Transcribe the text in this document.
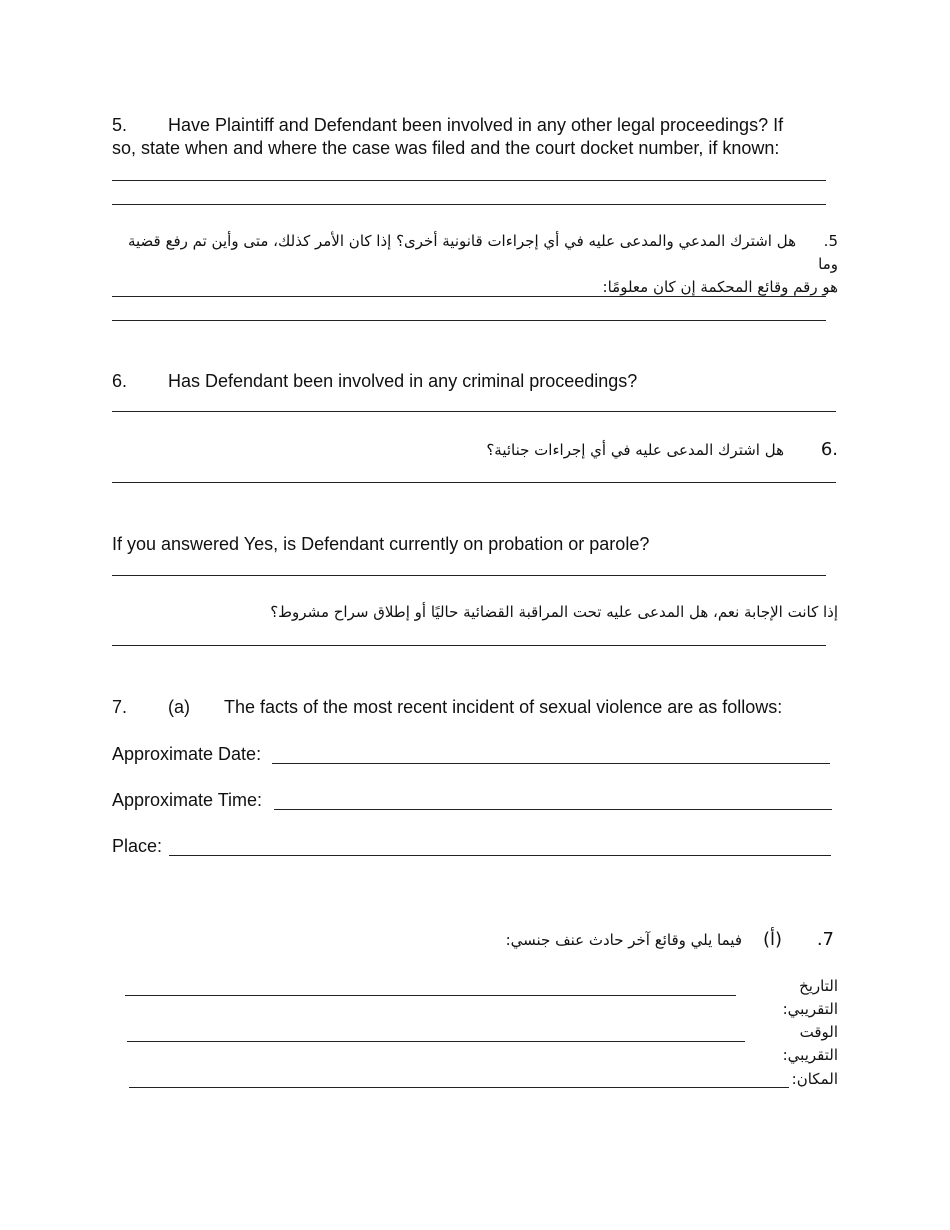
5. Have Plaintiff and Defendant been involved in any other legal proceedings? If
so, state when and where the case was filed and the court docket number, if known:
5.هل اشترك المدعي والمدعى عليه في أي إجراءات قانونية أخرى؟ إذا كان الأمر كذلك، متى وأين تم رفع قضية وما
هو رقم وقائع المحكمة إن كان معلومًا:
6. Has Defendant been involved in any criminal proceedings?
.6هل اشترك المدعى عليه في أي إجراءات جنائية؟
If you answered Yes, is Defendant currently on probation or parole?
إذا كانت الإجابة نعم، هل المدعى عليه تحت المراقبة القضائية حاليًا أو إطلاق سراح مشروط؟
7. (a) The facts of the most recent incident of sexual violence are as follows:
Approximate Date:
Approximate Time:
Place:
7.(أ)فيما يلي وقائع آخر حادث عنف جنسي:
التاريخ التقريبي:
الوقت التقريبي:
المكان:
